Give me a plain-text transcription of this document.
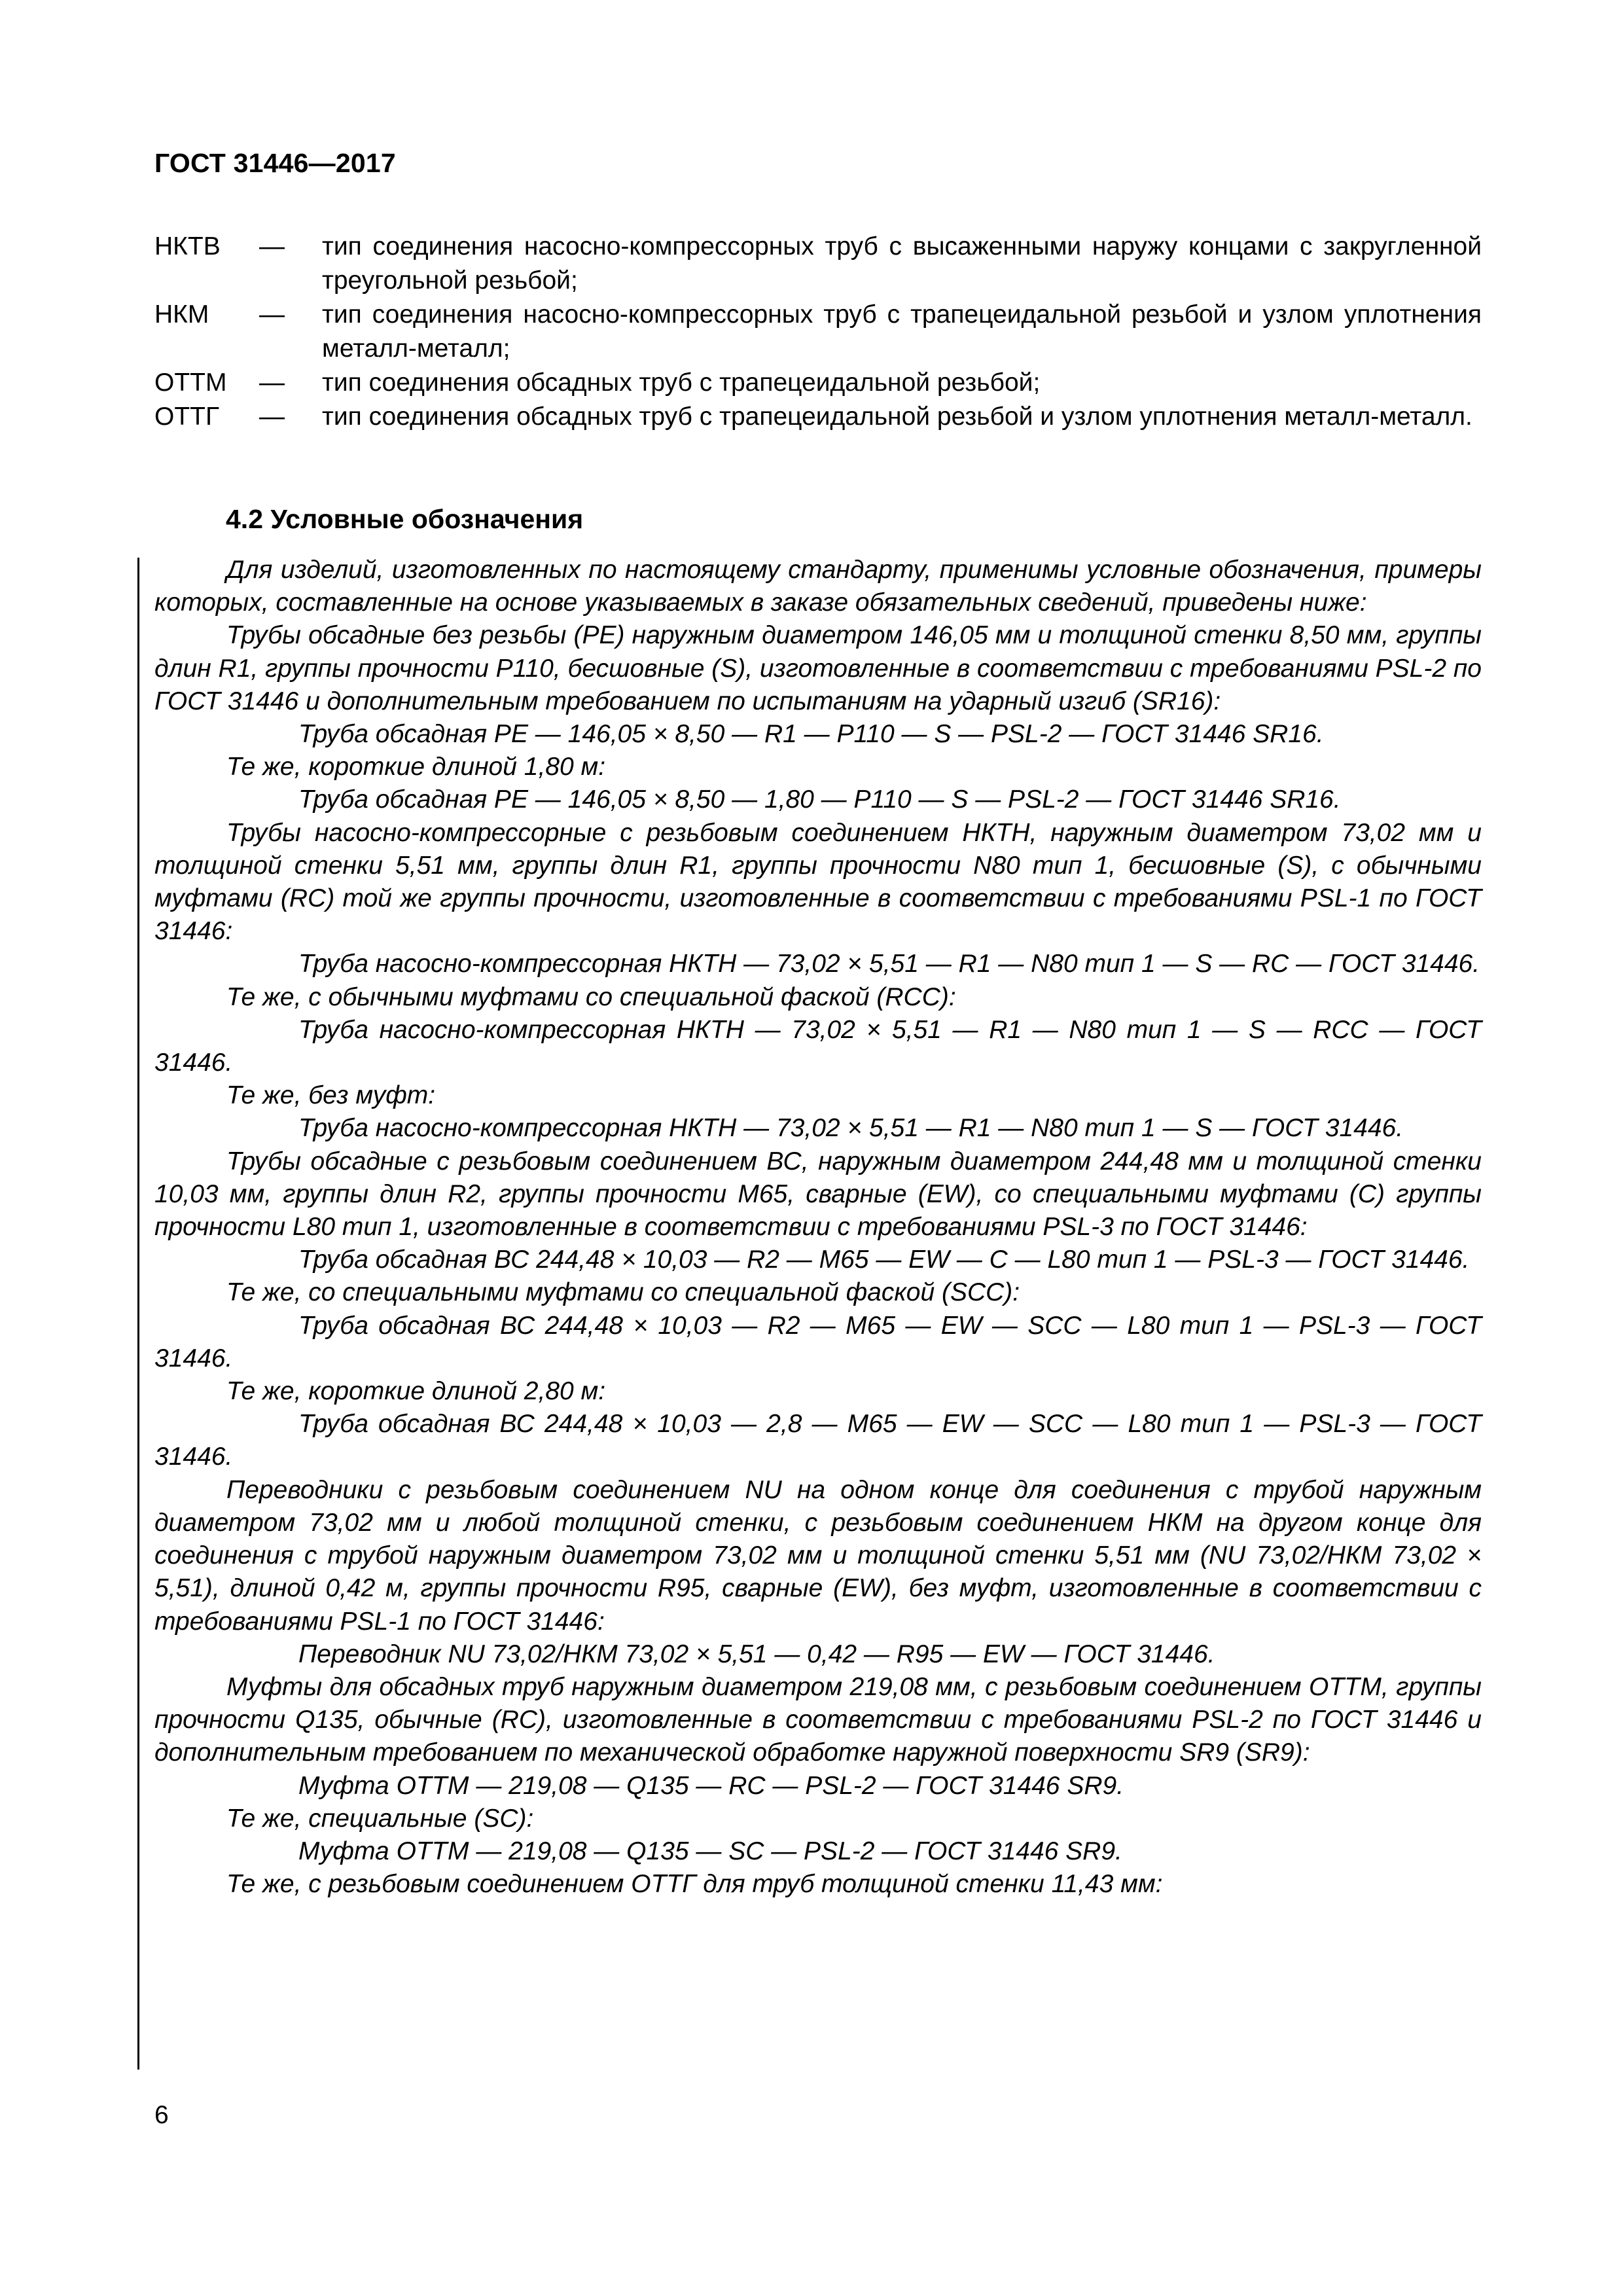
ГОСТ 31446—2017
НКТВ	—	тип соединения насосно-компрессорных труб с высаженными наружу концами с закругленной треугольной резьбой;
НКМ	—	тип соединения насосно-компрессорных труб с трапецеидальной резьбой и узлом уплотнения металл-металл;
ОТТМ	—	тип соединения обсадных труб с трапецеидальной резьбой;
ОТТГ	—	тип соединения обсадных труб с трапецеидальной резьбой и узлом уплотнения металл-металл.
4.2 Условные обозначения

Для изделий, изготовленных по настоящему стандарту, применимы условные обозначения, примеры которых, составленные на основе указываемых в заказе обязательных сведений, приведены ниже:

Трубы обсадные без резьбы (PE) наружным диаметром 146,05 мм и толщиной стенки 8,50 мм, группы длин R1, группы прочности P110, бесшовные (S), изготовленные в соответствии с требованиями PSL-2 по ГОСТ 31446 и дополнительным требованием по испытаниям на ударный изгиб (SR16):

Труба обсадная PE — 146,05 × 8,50 — R1 — P110 — S — PSL-2 — ГОСТ 31446 SR16.

Те же, короткие длиной 1,80 м:

Труба обсадная PE — 146,05 × 8,50 — 1,80 — P110 — S — PSL-2 — ГОСТ 31446 SR16.

Трубы насосно-компрессорные с резьбовым соединением НКТН, наружным диаметром 73,02 мм и толщиной стенки 5,51 мм, группы длин R1, группы прочности N80 тип 1, бесшовные (S), с обычными муфтами (RC) той же группы прочности, изготовленные в соответствии с требованиями PSL-1 по ГОСТ 31446:

Труба насосно-компрессорная НКТН — 73,02 × 5,51 — R1 — N80 тип 1 — S — RC — ГОСТ 31446.

Те же, с обычными муфтами со специальной фаской (RCC):

Труба насосно-компрессорная НКТН — 73,02 × 5,51 — R1 — N80 тип 1 — S — RCC — ГОСТ 31446.

Те же, без муфт:

Труба насосно-компрессорная НКТН — 73,02 × 5,51 — R1 — N80 тип 1 — S — ГОСТ 31446.

Трубы обсадные с резьбовым соединением ВС, наружным диаметром 244,48 мм и толщиной стенки 10,03 мм, группы длин R2, группы прочности М65, сварные (EW), со специальными муфтами (С) группы прочности L80 тип 1, изготовленные в соответствии с требованиями PSL-3 по ГОСТ 31446:

Труба обсадная ВС 244,48 × 10,03 — R2 — М65 — EW — С — L80 тип 1 — PSL-3 — ГОСТ 31446.

Те же, со специальными муфтами со специальной фаской (SCC):

Труба обсадная ВС 244,48 × 10,03 — R2 — М65 — EW — SCC — L80 тип 1 — PSL-3 — ГОСТ 31446.

Те же, короткие длиной 2,80 м:

Труба обсадная ВС 244,48 × 10,03 — 2,8 — М65 — EW — SCC — L80 тип 1 — PSL-3 — ГОСТ 31446.

Переводники с резьбовым соединением NU на одном конце для соединения с трубой наружным диаметром 73,02 мм и любой толщиной стенки, с резьбовым соединением НКМ на другом конце для соединения с трубой наружным диаметром 73,02 мм и толщиной стенки 5,51 мм (NU 73,02/НКМ 73,02 × 5,51), длиной 0,42 м, группы прочности R95, сварные (EW), без муфт, изготовленные в соответствии с требованиями PSL-1 по ГОСТ 31446:

Переводник NU 73,02/НКМ 73,02 × 5,51 — 0,42 — R95 — EW — ГОСТ 31446.

Муфты для обсадных труб наружным диаметром 219,08 мм, с резьбовым соединением ОТТМ, группы прочности Q135, обычные (RC), изготовленные в соответствии с требованиями PSL-2 по ГОСТ 31446 и дополнительным требованием по механической обработке наружной поверхности SR9 (SR9):

Муфта ОТТМ — 219,08 — Q135 — RC — PSL-2 — ГОСТ 31446 SR9.

Те же, специальные (SC):

Муфта ОТТМ — 219,08 — Q135 — SC — PSL-2 — ГОСТ 31446 SR9.

Те же, с резьбовым соединением ОТТГ для труб толщиной стенки 11,43 мм:

6
